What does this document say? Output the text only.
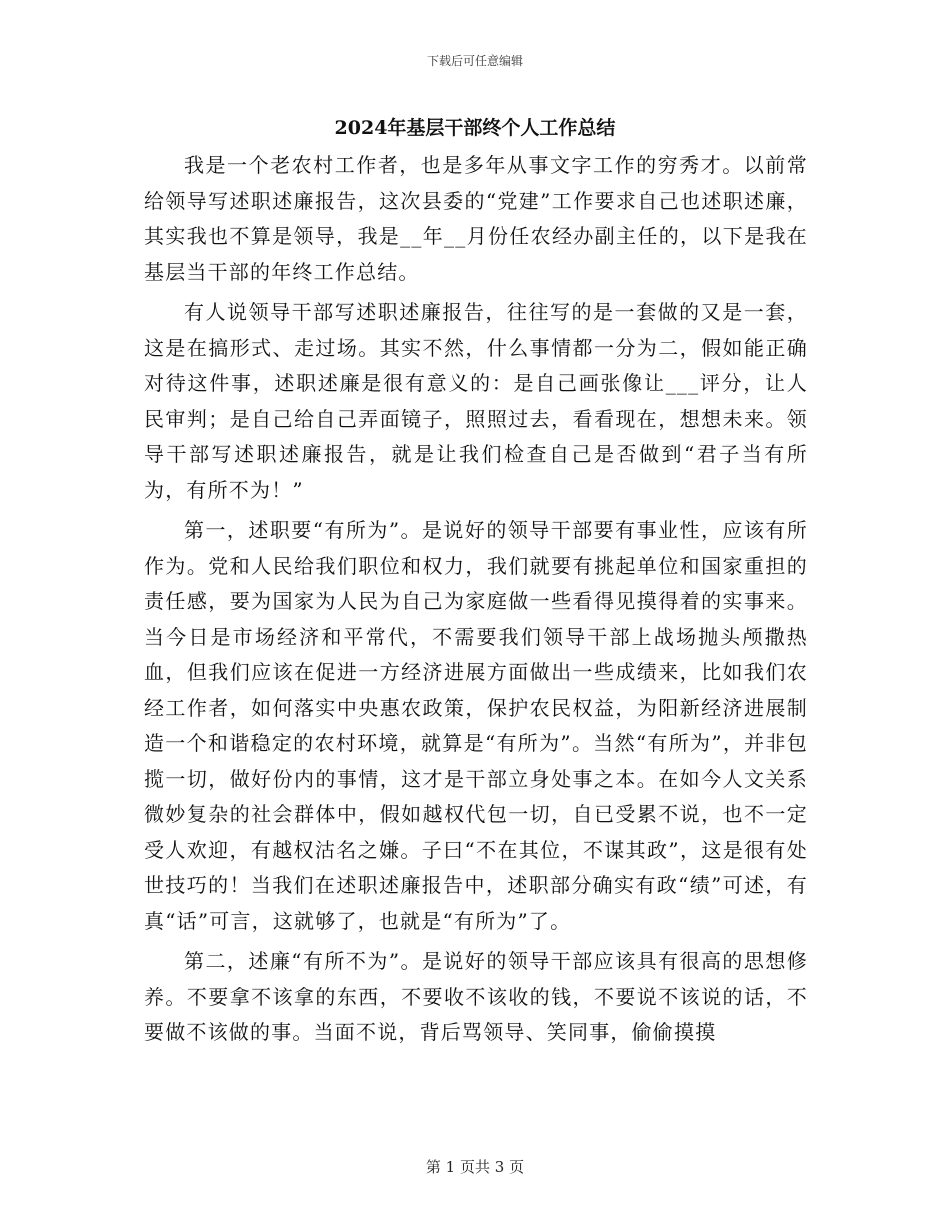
下载后可任意编辑
2024年基层干部终个人工作总结

我是一个老农村工作者，也是多年从事文字工作的穷秀才。以前常给领导写述职述廉报告，这次县委的“党建”工作要求自己也述职述廉，其实我也不算是领导，我是__年__月份任农经办副主任的，以下是我在基层当干部的年终工作总结。

有人说领导干部写述职述廉报告，往往写的是一套做的又是一套，这是在搞形式、走过场。其实不然，什么事情都一分为二，假如能正确对待这件事，述职述廉是很有意义的：是自己画张像让___评分，让人民审判；是自己给自己弄面镜子，照照过去，看看现在，想想未来。领导干部写述职述廉报告，就是让我们检查自己是否做到“君子当有所为，有所不为！”

第一，述职要“有所为”。是说好的领导干部要有事业性，应该有所作为。党和人民给我们职位和权力，我们就要有挑起单位和国家重担的责任感，要为国家为人民为自己为家庭做一些看得见摸得着的实事来。当今日是市场经济和平常代，不需要我们领导干部上战场抛头颅撒热血，但我们应该在促进一方经济进展方面做出一些成绩来，比如我们农经工作者，如何落实中央惠农政策，保护农民权益，为阳新经济进展制造一个和谐稳定的农村环境，就算是“有所为”。当然“有所为”，并非包揽一切，做好份内的事情，这才是干部立身处事之本。在如今人文关系微妙复杂的社会群体中，假如越权代包一切，自已受累不说，也不一定受人欢迎，有越权沽名之嫌。子曰“不在其位，不谋其政”，这是很有处世技巧的！当我们在述职述廉报告中，述职部分确实有政“绩”可述，有真“话”可言，这就够了，也就是“有所为”了。

第二，述廉“有所不为”。是说好的领导干部应该具有很高的思想修养。不要拿不该拿的东西，不要收不该收的钱，不要说不该说的话，不要做不该做的事。当面不说，背后骂领导、笑同事，偷偷摸摸

第 1 页共 3 页
